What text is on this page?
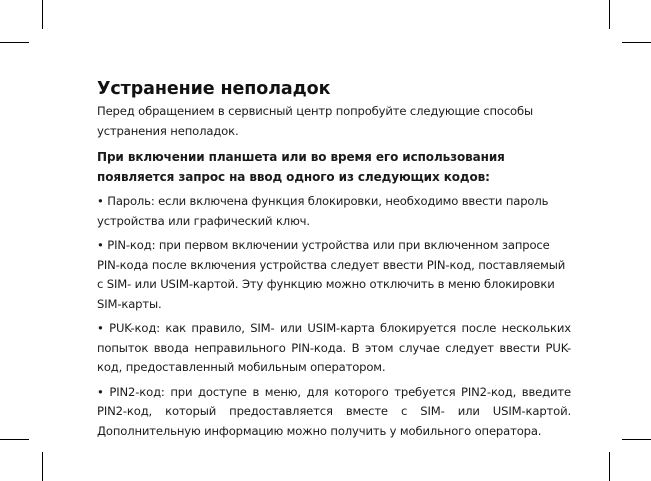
Устранение неполадок

Перед обращением в сервисный центр попробуйте следующие способы устранения неполадок.

При включении планшета или во время его использования появляется запрос на ввод одного из следующих кодов:

• Пароль: если включена функция блокировки, необходимо ввести пароль устройства или графический ключ.

• PIN-код: при первом включении устройства или при включенном запросе PIN-кода после включения устройства следует ввести PIN-код, поставляемый с SIM- или USIM-картой. Эту функцию можно отключить в меню блокировки SIM-карты.

• PUK-код: как правило, SIM- или USIM-карта блокируется после нескольких попыток ввода неправильного PIN-кода. В этом случае следует ввести PUK-код, предоставленный мобильным оператором.

• PIN2-код: при доступе в меню, для которого требуется PIN2-код, введите PIN2-код, который предоставляется вместе с SIM- или USIM-картой. Дополнительную информацию можно получить у мобильного оператора.
